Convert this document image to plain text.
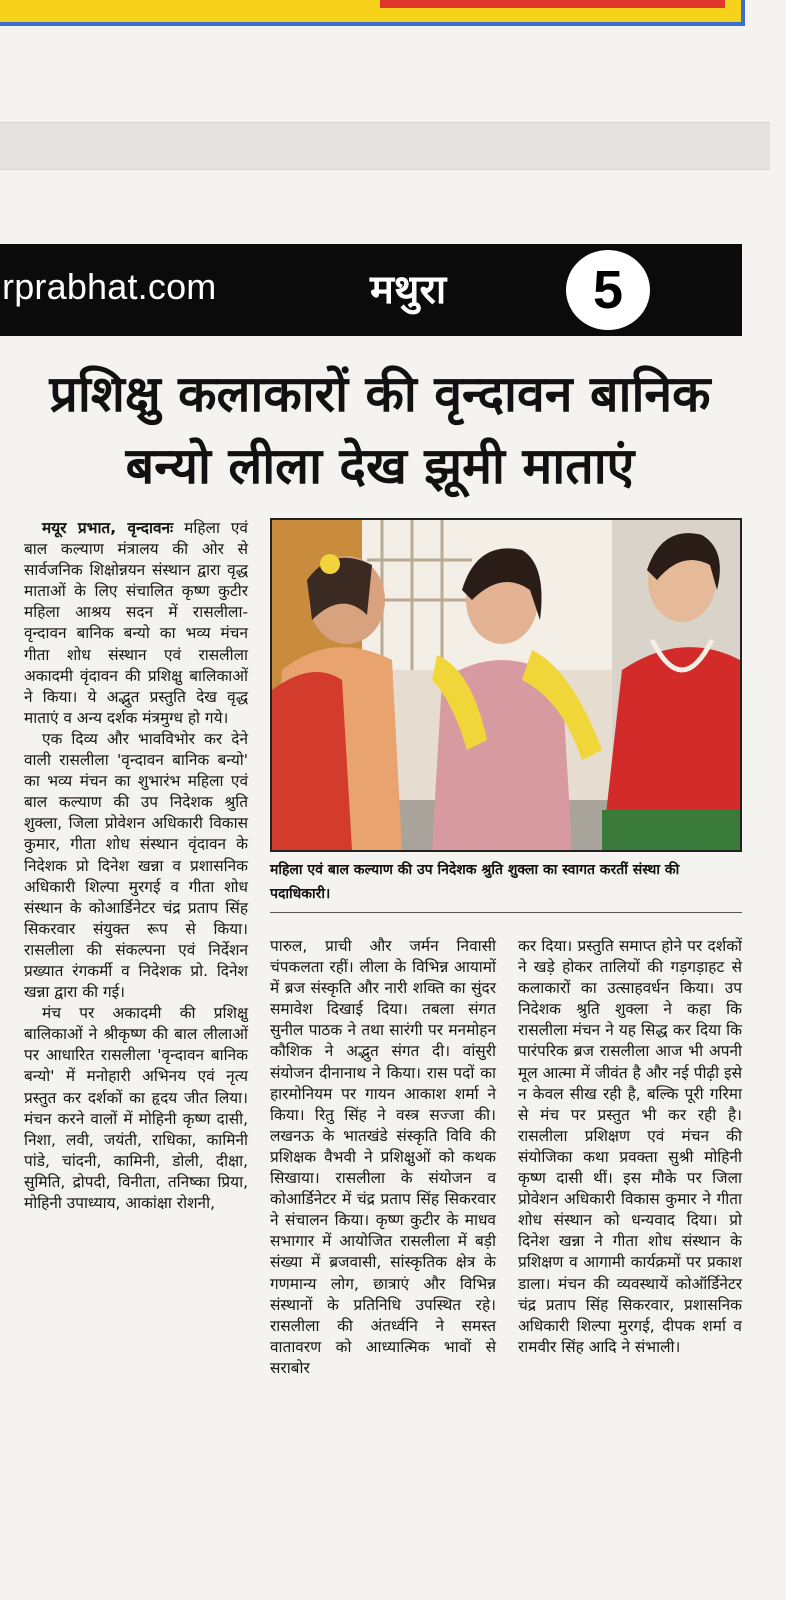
rprabhat.com	मथुरा	5
प्रशिक्षु कलाकारों की वृन्दावन बानिक
बन्यो लीला देख झूमी माताएं

मयूर प्रभात, वृन्दावनः महिला एवं बाल कल्याण मंत्रालय की ओर से सार्वजनिक शिक्षोन्नयन संस्थान द्वारा वृद्ध माताओं के लिए संचालित कृष्ण कुटीर महिला आश्रय सदन में रासलीला-वृन्दावन बानिक बन्यो का भव्य मंचन गीता शोध संस्थान एवं रासलीला अकादमी वृंदावन की प्रशिक्षु बालिकाओं ने किया। ये अद्भुत प्रस्तुति देख वृद्ध माताएं व अन्य दर्शक मंत्रमुग्ध हो गये।

एक दिव्य और भावविभोर कर देने वाली रासलीला 'वृन्दावन बानिक बन्यो' का भव्य मंचन का शुभारंभ महिला एवं बाल कल्याण की उप निदेशक श्रुति शुक्ला, जिला प्रोवेशन अधिकारी विकास कुमार, गीता शोध संस्थान वृंदावन के निदेशक प्रो दिनेश खन्ना व प्रशासनिक अधिकारी शिल्पा मुरगई व गीता शोध संस्थान के कोआर्डिनेटर चंद्र प्रताप सिंह सिकरवार संयुक्त रूप से किया। रासलीला की संकल्पना एवं निर्देशन प्रख्यात रंगकर्मी व निदेशक प्रो. दिनेश खन्ना द्वारा की गई।

मंच पर अकादमी की प्रशिक्षु बालिकाओं ने श्रीकृष्ण की बाल लीलाओं पर आधारित रासलीला 'वृन्दावन बानिक बन्यो' में मनोहारी अभिनय एवं नृत्य प्रस्तुत कर दर्शकों का हृदय जीत लिया। मंचन करने वालों में मोहिनी कृष्ण दासी, निशा, लवी, जयंती, राधिका, कामिनी पांडे, चांदनी, कामिनी, डोली, दीक्षा, सुमिति, द्रोपदी, विनीता, तनिष्का प्रिया, मोहिनी उपाध्याय, आकांक्षा रोशनी,

महिला एवं बाल कल्याण की उप निदेशक श्रुति शुक्ला का स्वागत करतीं संस्था की पदाधिकारी।
पारुल, प्राची और जर्मन निवासी चंपकलता रहीं। लीला के विभिन्न आयामों में ब्रज संस्कृति और नारी शक्ति का सुंदर समावेश दिखाई दिया। तबला संगत सुनील पाठक ने तथा सारंगी पर मनमोहन कौशिक ने अद्भुत संगत दी। वांसुरी संयोजन दीनानाथ ने किया। रास पदों का हारमोनियम पर गायन आकाश शर्मा ने किया। रितु सिंह ने वस्त्र सज्जा की। लखनऊ के भातखंडे संस्कृति विवि की प्रशिक्षक वैभवी ने प्रशिक्षुओं को कथक सिखाया। रासलीला के संयोजन व कोआर्डिनेटर में चंद्र प्रताप सिंह सिकरवार ने संचालन किया। कृष्ण कुटीर के माधव सभागार में आयोजित रासलीला में बड़ी संख्या में ब्रजवासी, सांस्कृतिक क्षेत्र के गणमान्य लोग, छात्राएं और विभिन्न संस्थानों के प्रतिनिधि उपस्थित रहे। रासलीला की अंतर्ध्वनि ने समस्त वातावरण को आध्यात्मिक भावों से सराबोर
कर दिया। प्रस्तुति समाप्त होने पर दर्शकों ने खड़े होकर तालियों की गड़गड़ाहट से कलाकारों का उत्साहवर्धन किया। उप निदेशक श्रुति शुक्ला ने कहा कि रासलीला मंचन ने यह सिद्ध कर दिया कि पारंपरिक ब्रज रासलीला आज भी अपनी मूल आत्मा में जीवंत है और नई पीढ़ी इसे न केवल सीख रही है, बल्कि पूरी गरिमा से मंच पर प्रस्तुत भी कर रही है। रासलीला प्रशिक्षण एवं मंचन की संयोजिका कथा प्रवक्ता सुश्री मोहिनी कृष्ण दासी थीं। इस मौके पर जिला प्रोवेशन अधिकारी विकास कुमार ने गीता शोध संस्थान को धन्यवाद दिया। प्रो दिनेश खन्ना ने गीता शोध संस्थान के प्रशिक्षण व आगामी कार्यक्रमों पर प्रकाश डाला। मंचन की व्यवस्थायें कोऑर्डिनेटर चंद्र प्रताप सिंह सिकरवार, प्रशासनिक अधिकारी शिल्पा मुरगई, दीपक शर्मा व रामवीर सिंह आदि ने संभाली।
